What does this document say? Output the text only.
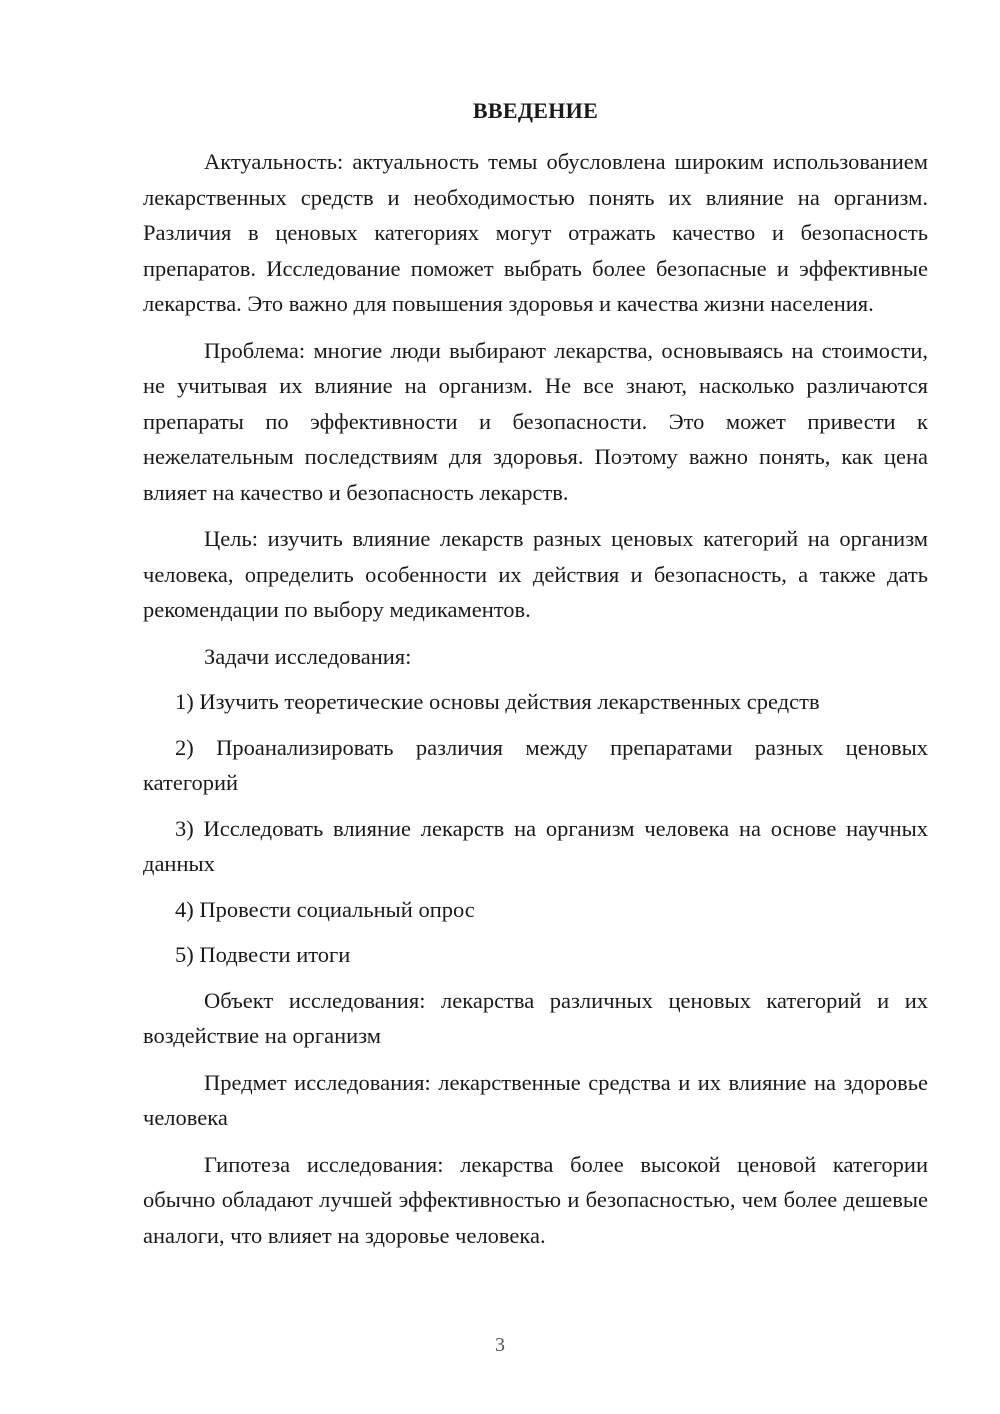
ВВЕДЕНИЕ

Актуальность: актуальность темы обусловлена широким использованием лекарственных средств и необходимостью понять их влияние на организм. Различия в ценовых категориях могут отражать качество и безопасность препаратов. Исследование поможет выбрать более безопасные и эффективные лекарства. Это важно для повышения здоровья и качества жизни населения.

Проблема: многие люди выбирают лекарства, основываясь на стоимости, не учитывая их влияние на организм. Не все знают, насколько различаются препараты по эффективности и безопасности. Это может привести к нежелательным последствиям для здоровья. Поэтому важно понять, как цена влияет на качество и безопасность лекарств.

Цель: изучить влияние лекарств разных ценовых категорий на организм человека, определить особенности их действия и безопасность, а также дать рекомендации по выбору медикаментов.

Задачи исследования:

1) Изучить теоретические основы действия лекарственных средств

2) Проанализировать различия между препаратами разных ценовых категорий

3) Исследовать влияние лекарств на организм человека на основе научных данных

4) Провести социальный опрос

5) Подвести итоги

Объект исследования: лекарства различных ценовых категорий и их воздействие на организм

Предмет исследования: лекарственные средства и их влияние на здоровье человека

Гипотеза исследования: лекарства более высокой ценовой категории обычно обладают лучшей эффективностью и безопасностью, чем более дешевые аналоги, что влияет на здоровье человека.

3
